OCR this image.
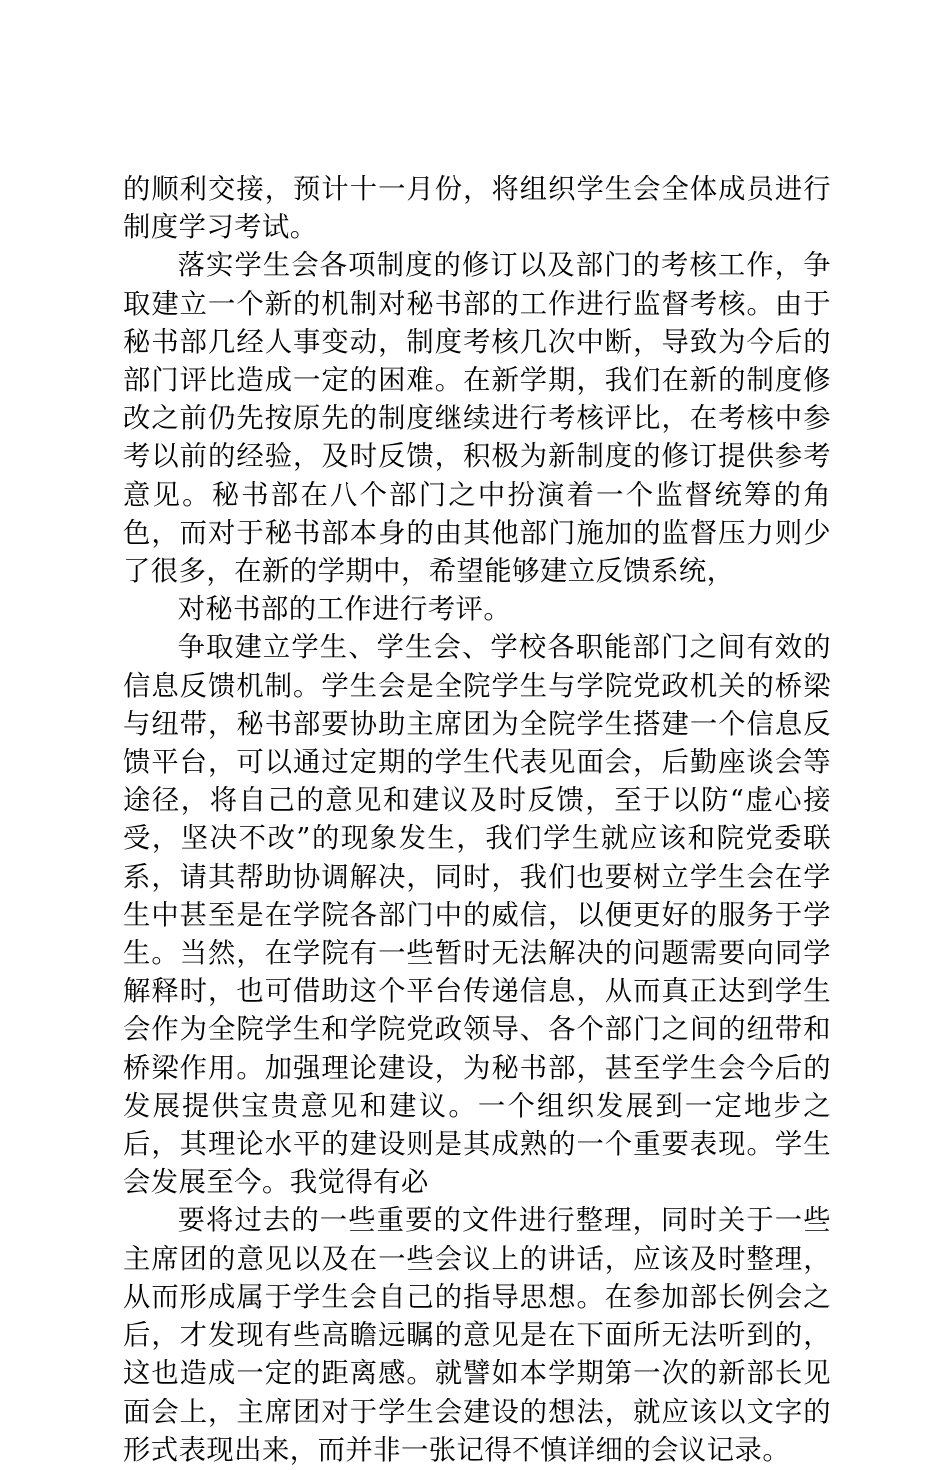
的顺利交接，预计十一月份，将组织学生会全体成员进行制度学习考试。

落实学生会各项制度的修订以及部门的考核工作，争取建立一个新的机制对秘书部的工作进行监督考核。由于秘书部几经人事变动，制度考核几次中断，导致为今后的部门评比造成一定的困难。在新学期，我们在新的制度修改之前仍先按原先的制度继续进行考核评比，在考核中参考以前的经验，及时反馈，积极为新制度的修订提供参考意见。秘书部在八个部门之中扮演着一个监督统筹的角色，而对于秘书部本身的由其他部门施加的监督压力则少了很多，在新的学期中，希望能够建立反馈系统，

对秘书部的工作进行考评。

争取建立学生、学生会、学校各职能部门之间有效的信息反馈机制。学生会是全院学生与学院党政机关的桥梁与纽带，秘书部要协助主席团为全院学生搭建一个信息反馈平台，可以通过定期的学生代表见面会，后勤座谈会等途径，将自己的意见和建议及时反馈，至于以防“虚心接受，坚决不改”的现象发生，我们学生就应该和院党委联系，请其帮助协调解决，同时，我们也要树立学生会在学生中甚至是在学院各部门中的威信，以便更好的服务于学生。当然，在学院有一些暂时无法解决的问题需要向同学解释时，也可借助这个平台传递信息，从而真正达到学生会作为全院学生和学院党政领导、各个部门之间的纽带和桥梁作用。加强理论建设，为秘书部，甚至学生会今后的发展提供宝贵意见和建议。一个组织发展到一定地步之后，其理论水平的建设则是其成熟的一个重要表现。学生会发展至今。我觉得有必

要将过去的一些重要的文件进行整理，同时关于一些主席团的意见以及在一些会议上的讲话，应该及时整理，从而形成属于学生会自己的指导思想。在参加部长例会之后，才发现有些高瞻远瞩的意见是在下面所无法听到的，这也造成一定的距离感。就譬如本学期第一次的新部长见面会上，主席团对于学生会建设的想法，就应该以文字的形式表现出来，而并非一张记得不慎详细的会议记录。
